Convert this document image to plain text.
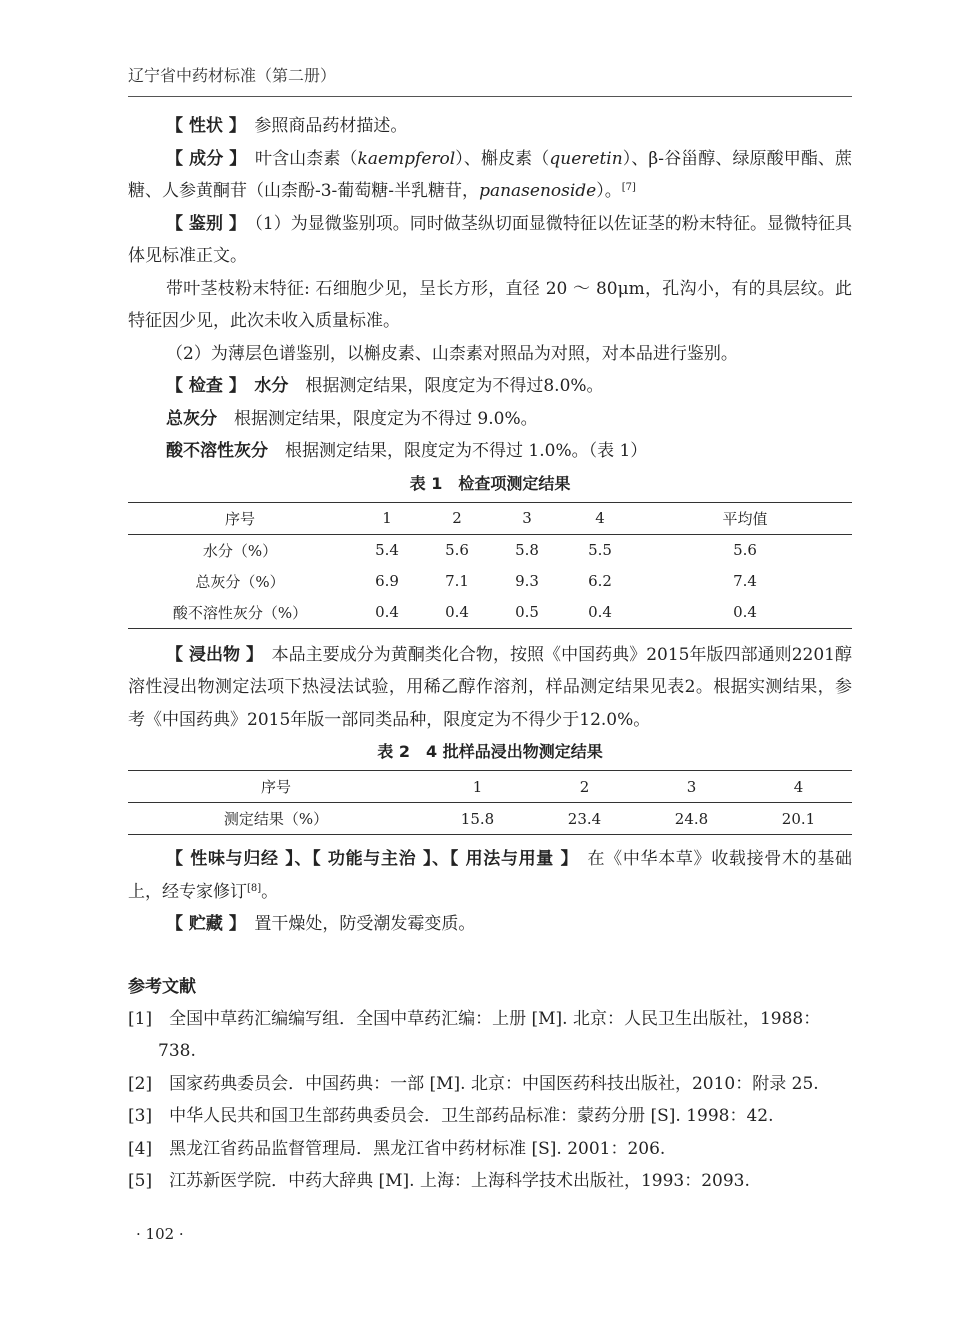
辽宁省中药材标准（第二册）

【 性状 】　参照商品药材描述。

【 成分 】　叶含山柰素（kaempferol）、槲皮素（queretin）、β-谷甾醇、绿原酸甲酯、蔗糖、人参黄酮苷（山柰酚-3-葡萄糖-半乳糖苷，panasenoside）。[7]

【 鉴别 】　（1）为显微鉴别项。同时做茎纵切面显微特征以佐证茎的粉末特征。显微特征具体见标准正文。

带叶茎枝粉末特征: 石细胞少见，呈长方形，直径 20 ～ 80μm，孔沟小，有的具层纹。此特征因少见，此次未收入质量标准。

（2）为薄层色谱鉴别，以槲皮素、山柰素对照品为对照，对本品进行鉴别。

【 检查 】　水分　根据测定结果，限度定为不得过8.0%。

总灰分　根据测定结果，限度定为不得过 9.0%。

酸不溶性灰分　根据测定结果，限度定为不得过 1.0%。（表 1）

表 1　检查项测定结果
序号	1	2	3	4	平均值
水分（%）	5.4	5.6	5.8	5.5	5.6
总灰分（%）	6.9	7.1	9.3	6.2	7.4
酸不溶性灰分（%）	0.4	0.4	0.5	0.4	0.4

【 浸出物 】　本品主要成分为黄酮类化合物，按照《中国药典》2015年版四部通则2201醇溶性浸出物测定法项下热浸法试验，用稀乙醇作溶剂，样品测定结果见表2。根据实测结果，参考《中国药典》2015年版一部同类品种，限度定为不得少于12.0%。

表 2　4 批样品浸出物测定结果
序号	1	2	3	4
测定结果（%）	15.8	23.4	24.8	20.1

【 性味与归经 】、【 功能与主治 】、【 用法与用量 】　在《中华本草》收载接骨木的基础上，经专家修订[8]。

【 贮藏 】　置干燥处，防受潮发霉变质。

参考文献

[1]　全国中草药汇编编写组．全国中草药汇编：上册 [M]. 北京：人民卫生出版社，1988：738.

[2]　国家药典委员会．中国药典：一部 [M]. 北京：中国医药科技出版社，2010：附录 25.

[3]　中华人民共和国卫生部药典委员会．卫生部药品标准：蒙药分册 [S]. 1998：42.

[4]　黑龙江省药品监督管理局．黑龙江省中药材标准 [S]. 2001：206.

[5]　江苏新医学院．中药大辞典 [M]. 上海：上海科学技术出版社，1993：2093.

· 102 ·
